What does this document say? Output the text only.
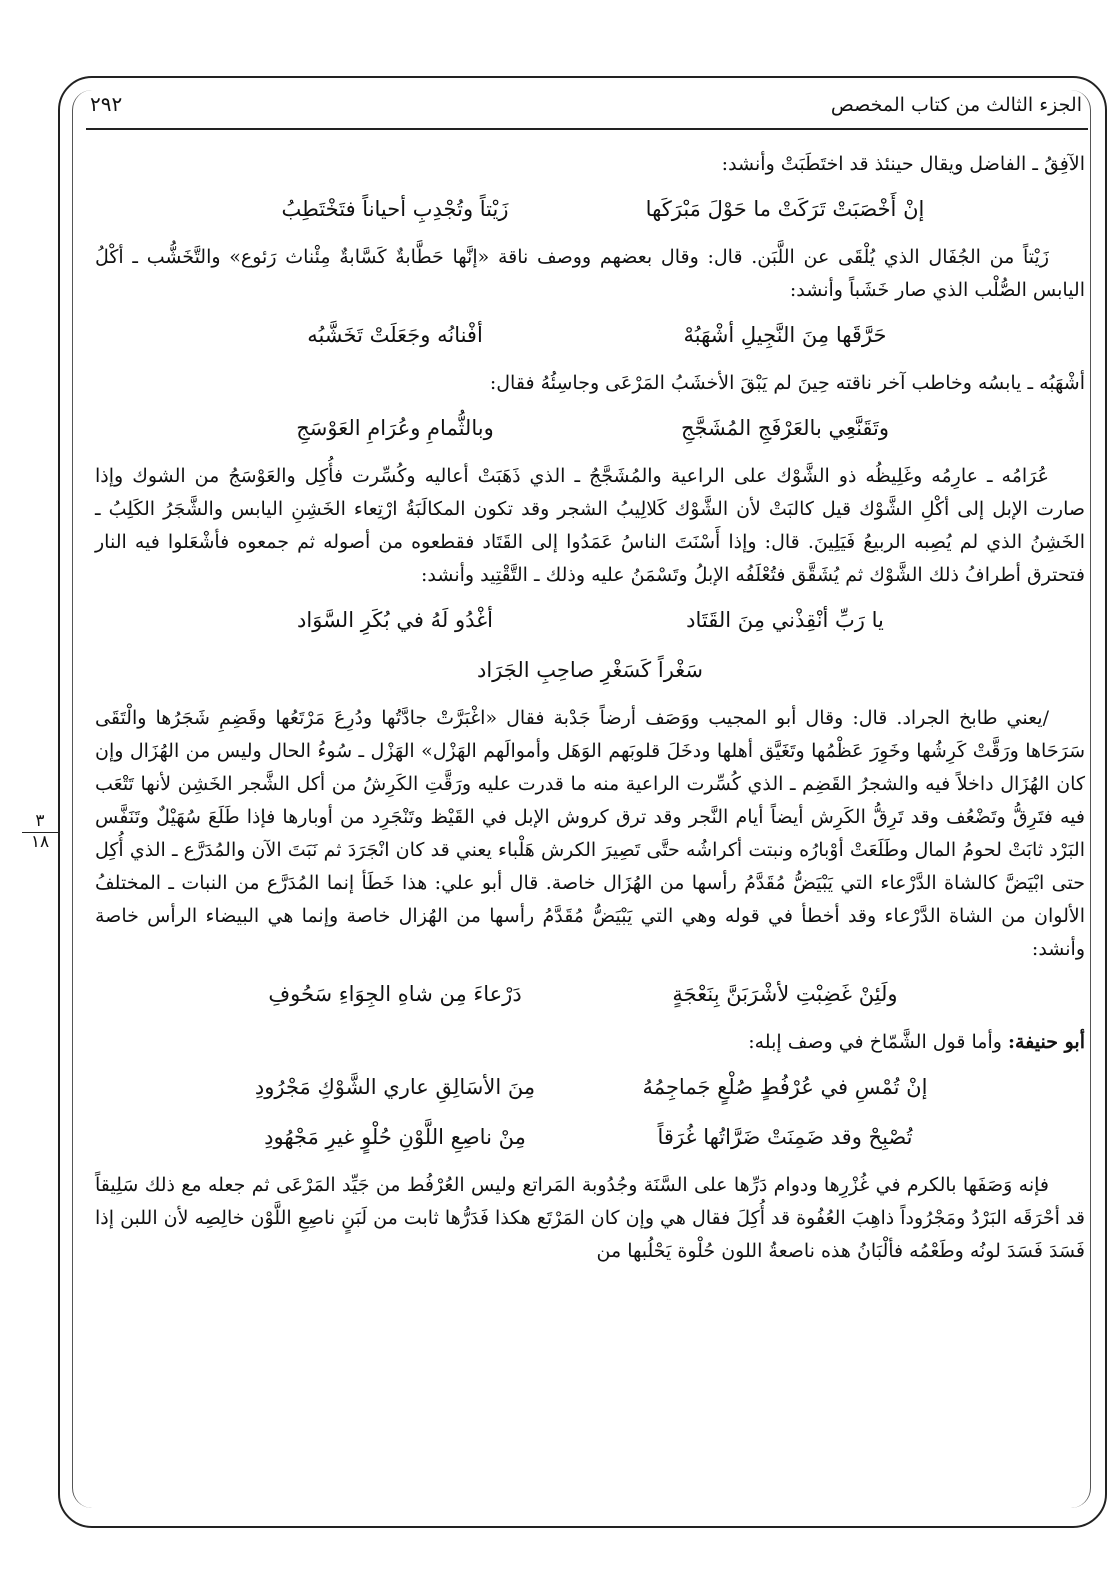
الجزء الثالث من كتاب المخصص
٢٩٢
٣
١٨

الآفِقُ ـ الفاضل ويقال حينئذ قد اختَطَبَتْ وأنشد:

إنْ أَخْصَبَتْ تَرَكَتْ ما حَوْلَ مَبْرَكَها
زَيْتاً وتُجْدِبِ أحياناً فتَخْتَطِبُ

زَيْتاً من الجُفَال الذي يُلْقَى عن اللَّبَن. قال: وقال بعضهم ووصف ناقة «إنَّها حَطَّابةٌ كَسَّابةٌ مِئْناث رَئوع» والتَّخَشُّب ـ أكْلُ اليابس الصُّلْب الذي صار خَشَباً وأنشد:

حَرَّقَها مِنَ النَّجِيلِ أشْهَبُهْ
أفْنانُه وجَعَلَتْ تَخَشَّبُه

أشْهَبُه ـ يابسُه وخاطب آخر ناقته حِينَ لم يَبْقَ الأخشَبُ المَرْعَى وجاسِئُهُ فقال:

وتَقَنَّعِي بالعَرْفَجِ المُشَجَّجِ
وبالثُّمامِ وعُرَامِ العَوْسَجِ

عُرَامُه ـ عارِمُه وغَلِيظُه ذو الشَّوْك على الراعية والمُشَجَّجُ ـ الذي ذَهَبَتْ أعاليه وكُسِّرت فأُكِل والعَوْسَجُ من الشوك وإذا صارت الإبل إلى أكْلِ الشَّوْك قيل كالبَتْ لأن الشَّوْك كَلالِيبُ الشجر وقد تكون المكالَبَةُ ارْتِعاء الخَشِنِ اليابس والشَّجَرُ الكَلِبُ ـ الخَشِنُ الذي لم يُصِبه الربيعُ فَيَلِينَ. قال: وإذا أَسْنَتَ الناسُ عَمَدُوا إلى القَتَاد فقطعوه من أصوله ثم جمعوه فأشْعَلوا فيه النار فتحترق أطرافُ ذلك الشَّوْك ثم يُشَقَّق فتُعْلَفُه الإبلُ وتَسْمَنُ عليه وذلك ـ التَّقْتِيد وأنشد:

يا رَبِّ أنْقِذْني مِنَ القَتَاد
أغْدُو لَهُ في بُكَرِ السَّوَاد
سَغْراً كَسَغْرِ صاحِبِ الجَرَاد

/يعني طابخ الجراد. قال: وقال أبو المجيب ووَصَف أرضاً جَدْبة فقال «اغْبَرَّتْ جادَّتُها ودُرِعَ مَرْتَعُها وقَضِمِ شَجَرُها والْتَقَى سَرَحَاها ورَقَّتْ كَرِشُها وخَوِرَ عَظْمُها وتَغَيَّق أهلها ودخَلَ قلوبَهم الوَهَل وأموالَهم الهَزْل» الهَزْل ـ سُوءُ الحال وليس من الهُزَال وإن كان الهُزَال داخلاً فيه والشجرُ القَضِم ـ الذي كُسِّرت الراعية منه ما قدرت عليه ورَقَّتِ الكَرِشُ من أكل الشَّجر الخَشِن لأنها تَتْعَب فيه فتَرِقُّ وتَضْعُف وقد تَرِقُّ الكَرِش أيضاً أيام النَّجر وقد ترق كروش الإبل في القَيْظ وتَنْجَرِد من أوبارها فإذا طَلَعَ سُهَيْلٌ وتَنَفَّس البَرْد ثابَتْ لحومُ المال وطَلَعَتْ أوْبارُه ونبتت أكراشُه حتَّى تَصِيرَ الكرش هَلْباء يعني قد كان انْجَرَدَ ثم نَبَتَ الآن والمُدَرَّع ـ الذي أُكِل حتى ابْيَضَّ كالشاة الدَّرْعاء التي يَبْيَضُّ مُقَدَّمُ رأسها من الهُزَال خاصة. قال أبو علي: هذا خَطَأ إنما المُدَرَّع من النبات ـ المختلفُ الألوان من الشاة الدَّرْعاء وقد أخطأ في قوله وهي التي يَبْيَضُّ مُقَدَّمُ رأسها من الهُزال خاصة وإنما هي البيضاء الرأس خاصة وأنشد:

ولَئِنْ غَضِبْتِ لأشْرَبَنَّ بِنَعْجَةٍ
دَرْعاءَ مِن شاهِ الجِوَاءِ سَحُوفِ

أبو حنيفة: وأما قول الشَّمّاخ في وصف إبله:

إنْ تُمْسِ في عُرْفُطٍ صُلْعٍ جَماجِمُهُ
مِنَ الأسَالِقِ عاري الشَّوْكِ مَجْرُودِ
تُصْبِحْ وقد ضَمِنَتْ ضَرَّاتُها غُرَقاً
مِنْ ناصِعِ اللَّوْنِ حُلْوٍ غيرِ مَجْهُودِ

فإنه وَصَفَها بالكرم في غُزْرِها ودوام دَرِّها على السَّنَة وجُدُوبة المَراتع وليس العُرْفُط من جَيِّد المَرْعَى ثم جعله مع ذلك سَلِيقاً قد أحْرَقَه البَرْدُ ومَجْرُوداً ذاهِبَ العُفُوة قد أُكِلَ فقال هي وإن كان المَرْتَع هكذا فَدَرُّها ثابت من لَبَنٍ ناصِعِ اللَّوْن خالِصِه لأن اللبن إذا فَسَدَ فَسَدَ لونُه وطَعْمُه فألْبَانُ هذه ناصعةُ اللون حُلْوة يَحْلُبها من
